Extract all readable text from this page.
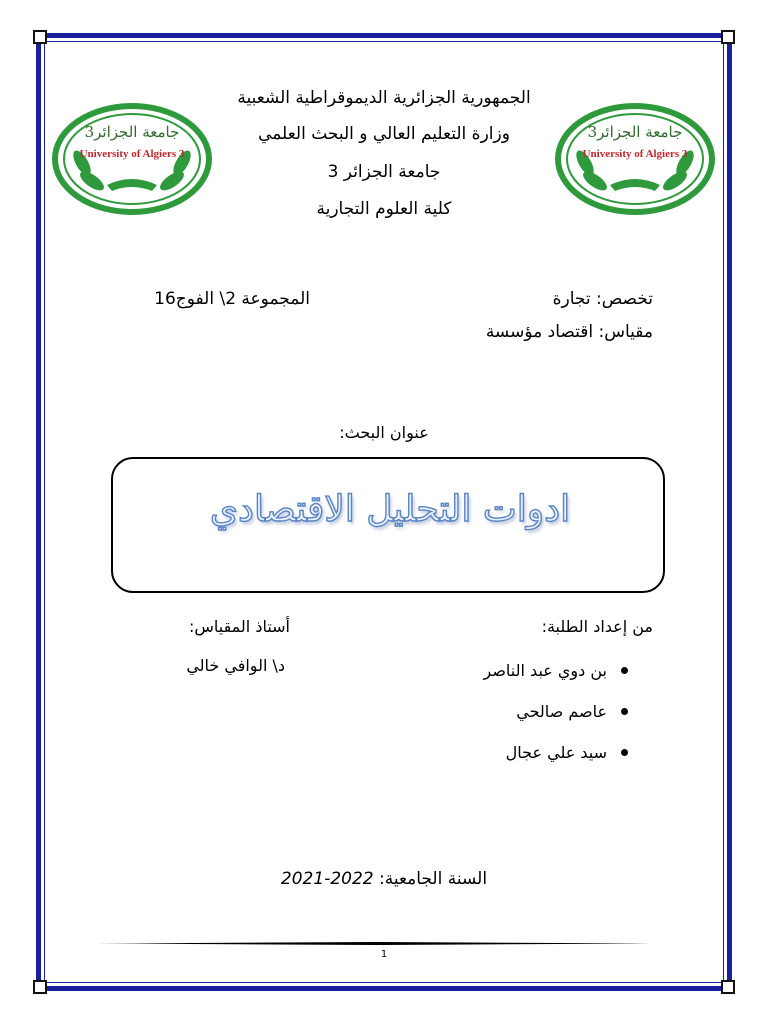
الجمهورية الجزائرية الديموقراطية الشعبية
وزارة التعليم العالي و البحث العلمي
جامعة الجزائر 3
كلية العلوم التجارية
جامعة الجزائر3
University of Algiers 3
جامعة الجزائر3
University of Algiers 3
تخصص: تجارة
المجموعة 2\ الفوج16
مقياس: اقتصاد مؤسسة
عنوان البحث:
ادوات التحليل الاقتصادي
من إعداد الطلبة:
أستاذ المقياس:
بن دوي عبد الناصر
عاصم صالحي
سيد علي عجال
د\ الوافي خالي
السنة الجامعية: 2022-2021
1
